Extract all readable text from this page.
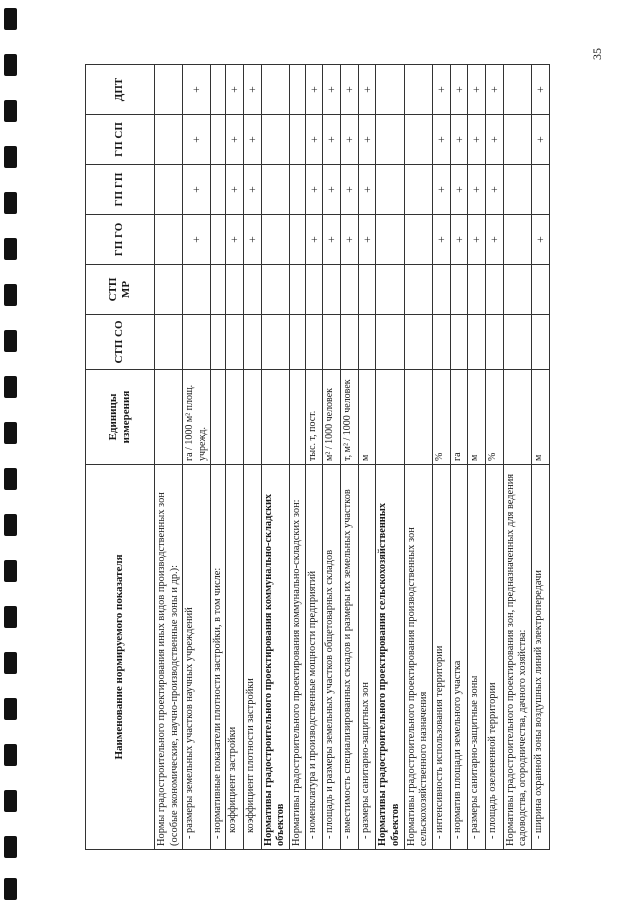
35
Наименование нормируемого показателя	Единицы измерения	СТП СО	СТП МР	ГП ГО	ГП ГП	ГП СП	ДПТ
Нормы градостроительного проектирования иных видов производственных зон (особые экономические, научно-производственные зоны и др.):							
- размеры земельных участков научных учреждений	га / 1000 м² площ. учрежд.			+	+	+	+
- нормативные показатели плотности застройки, в том числе:							
коэффициент застройки				+	+	+	+
коэффициент плотности застройки				+	+	+	+
Нормативы градостроительного проектирования коммунально-складских объектов							
Нормативы градостроительного проектирования коммунально-складских зон:							
- номенклатура и производственные мощности предприятий	тыс. т, пост.			+	+	+	+
- площадь и размеры земельных участков общетоварных складов	м² / 1000 человек			+	+	+	+
- вместимость специализированных складов и размеры их земельных участков	т, м² / 1000 человек			+	+	+	+
- размеры санитарно-защитных зон	м			+	+	+	+
Нормативы градостроительного проектирования сельскохозяйственных объектов							
Нормативы градостроительного проектирования производственных зон сельскохозяйственного назначения							
- интенсивность использования территории	%			+	+	+	+
- норматив площади земельного участка	га			+	+	+	+
- размеры санитарно-защитные зоны	м			+	+	+	+
- площадь озелененной территории	%			+	+	+	+
Нормативы градостроительного проектирования зон, предназначенных для ведения садоводства, огородничества, дачного хозяйства:							
- ширина охранной зоны воздушных линий электропередачи	м			+		+	+
